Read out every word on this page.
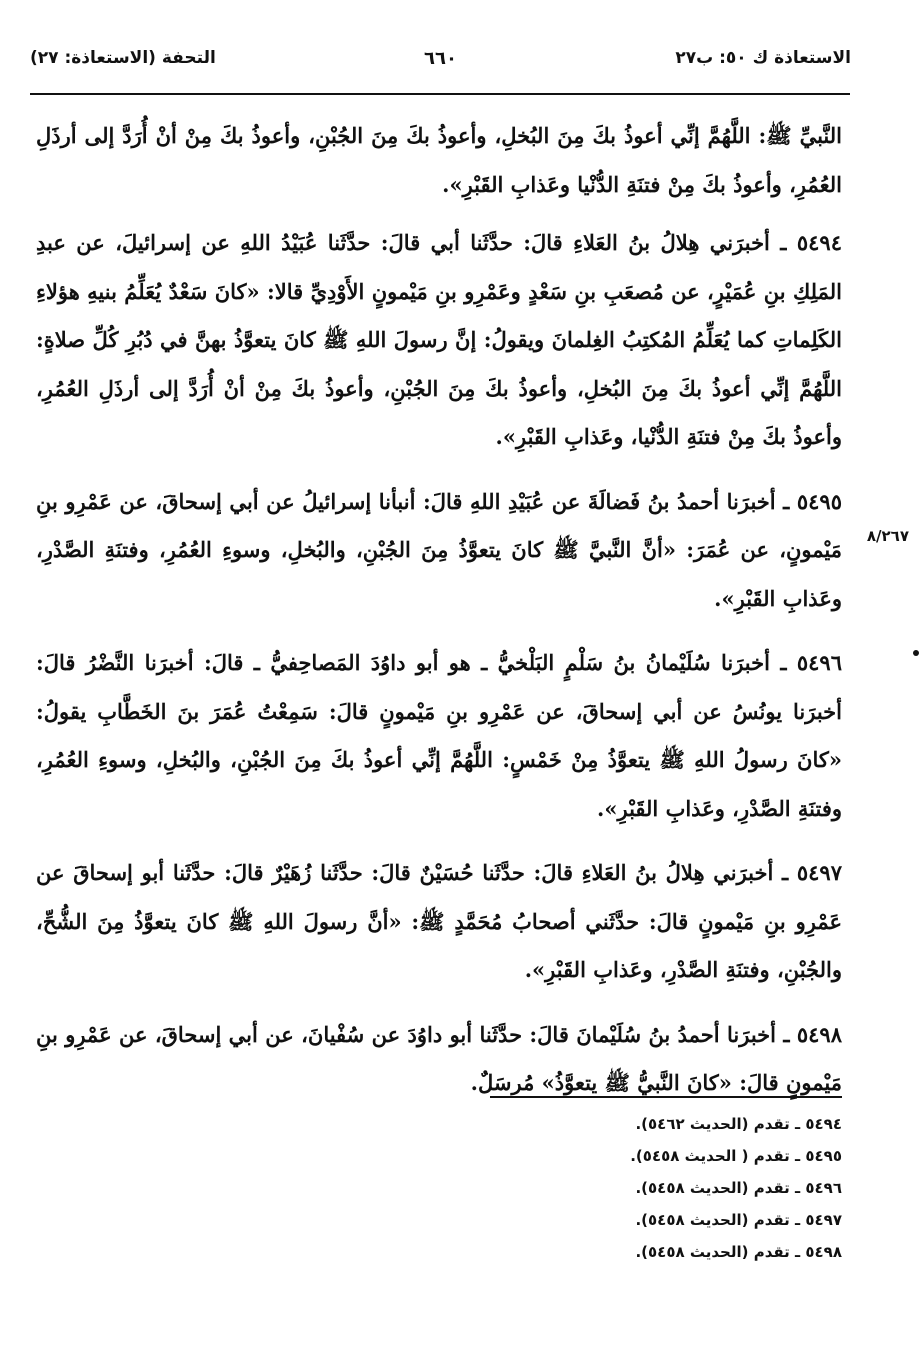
الاستعاذة ك ٥٠: ب٢٧
٦٦٠
التحفة (الاستعاذة: ٢٧)

النَّبيِّ ﷺ: اللَّهُمَّ إنِّي أعوذُ بكَ مِنَ البُخلِ، وأعوذُ بكَ مِنَ الجُبْنِ، وأعوذُ بكَ مِنْ أنْ أُرَدَّ إلى أرذَلِ العُمُرِ، وأعوذُ بكَ مِنْ فتنَةِ الدُّنْيا وعَذابِ القَبْرِ».

٥٤٩٤ ـ أخبرَني هِلالُ بنُ العَلاءِ قالَ: حدَّثَنا أبي قالَ: حدَّثَنا عُبَيْدُ اللهِ عن إسرائيلَ، عن عبدِ المَلِكِ بنِ عُمَيْرٍ، عن مُصعَبِ بنِ سَعْدٍ وعَمْرِو بنِ مَيْمونٍ الأَوْدِيِّ قالا: «كانَ سَعْدٌ يُعَلِّمُ بنيهِ هؤلاءِ الكَلِماتِ كما يُعَلِّمُ المُكتِبُ الغِلمانَ ويقولُ: إنَّ رسولَ اللهِ ﷺ كانَ يتعوَّذُ بهنَّ في دُبُرِ كُلِّ صلاةٍ: اللَّهُمَّ إنِّي أعوذُ بكَ مِنَ البُخلِ، وأعوذُ بكَ مِنَ الجُبْنِ، وأعوذُ بكَ مِنْ أنْ أُرَدَّ إلى أرذَلِ العُمُرِ، وأعوذُ بكَ مِنْ فتنَةِ الدُّنْيا، وعَذابِ القَبْرِ».

٥٤٩٥ ـ أخبرَنا أحمدُ بنُ فَضالَةَ عن عُبَيْدِ اللهِ قالَ: أنبأنا إسرائيلُ عن أبي إسحاقَ، عن عَمْرِو بنِ مَيْمونٍ، عن عُمَرَ: «أنَّ النَّبيَّ ﷺ كانَ يتعوَّذُ مِنَ الجُبْنِ، والبُخلِ، وسوءِ العُمُرِ، وفتنَةِ الصَّدْرِ، وعَذابِ القَبْرِ».

٥٤٩٦ ـ أخبرَنا سُلَيْمانُ بنُ سَلْمٍ البَلْخيُّ ـ هو أبو داوُدَ المَصاحِفيُّ ـ قالَ: أخبرَنا النَّضْرُ قالَ: أخبرَنا يونُسُ عن أبي إسحاقَ، عن عَمْرِو بنِ مَيْمونٍ قالَ: سَمِعْتُ عُمَرَ بنَ الخَطَّابِ يقولُ: «كانَ رسولُ اللهِ ﷺ يتعوَّذُ مِنْ خَمْسٍ: اللَّهُمَّ إنِّي أعوذُ بكَ مِنَ الجُبْنِ، والبُخلِ، وسوءِ العُمُرِ، وفتنَةِ الصَّدْرِ، وعَذابِ القَبْرِ».

٥٤٩٧ ـ أخبرَني هِلالُ بنُ العَلاءِ قالَ: حدَّثَنا حُسَيْنٌ قالَ: حدَّثَنا زُهَيْرٌ قالَ: حدَّثَنا أبو إسحاقَ عن عَمْرِو بنِ مَيْمونٍ قالَ: حدَّثَني أصحابُ مُحَمَّدٍ ﷺ: «أنَّ رسولَ اللهِ ﷺ كانَ يتعوَّذُ مِنَ الشُّحِّ، والجُبْنِ، وفتنَةِ الصَّدْرِ، وعَذابِ القَبْرِ».

٥٤٩٨ ـ أخبرَنا أحمدُ بنُ سُلَيْمانَ قالَ: حدَّثَنا أبو داوُدَ عن سُفْيانَ، عن أبي إسحاقَ، عن عَمْرِو بنِ مَيْمونٍ قالَ: «كانَ النَّبيُّ ﷺ يتعوَّذُ» مُرسَلٌ.

٨/٢٦٧
٥٤٩٤ ـ تقدم (الحديث ٥٤٦٢).
٥٤٩٥ ـ تقدم ( الحديث ٥٤٥٨).
٥٤٩٦ ـ تقدم (الحديث ٥٤٥٨).
٥٤٩٧ ـ تقدم (الحديث ٥٤٥٨).
٥٤٩٨ ـ تقدم (الحديث ٥٤٥٨).
